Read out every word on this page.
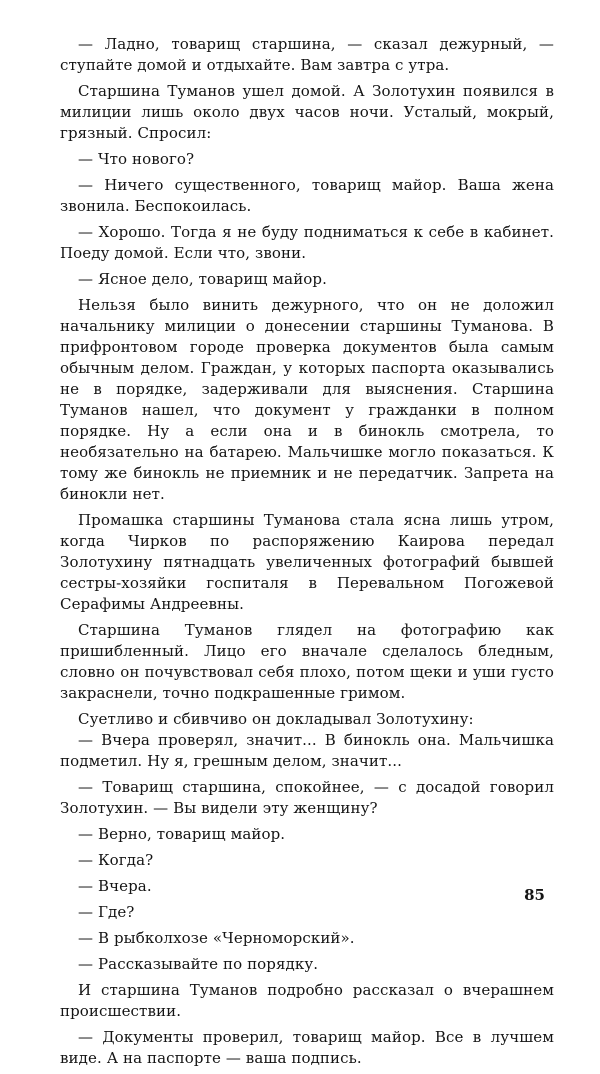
— Ладно, товарищ старшина, — сказал дежурный, — ступайте домой и отдыхайте. Вам завтра с утра.

Старшина Туманов ушел домой. А Золотухин появился в милиции лишь около двух часов ночи. Усталый, мокрый, грязный. Спросил:

— Что нового?

— Ничего существенного, товарищ майор. Ваша жена звонила. Беспокоилась.

— Хорошо. Тогда я не буду подниматься к себе в кабинет. Поеду домой. Если что, звони.

— Ясное дело, товарищ майор.

Нельзя было винить дежурного, что он не доложил начальнику милиции о донесении старшины Туманова. В прифронтовом городе проверка документов была самым обычным делом. Граждан, у которых паспорта оказывались не в порядке, задерживали для выяснения. Старшина Туманов нашел, что документ у гражданки в полном порядке. Ну а если она и в бинокль смотрела, то необязательно на батарею. Мальчишке могло показаться. К тому же бинокль не приемник и не передатчик. Запрета на бинокли нет.

Промашка старшины Туманова стала ясна лишь утром, когда Чирков по распоряжению Каирова передал Золотухину пятнадцать увеличенных фотографий бывшей сестры-хозяйки госпиталя в Перевальном Погожевой Серафимы Андреевны.

Старшина Туманов глядел на фотографию как пришибленный. Лицо его вначале сделалось бледным, словно он почувствовал себя плохо, потом щеки и уши густо закраснели, точно подкрашенные гримом.

Суетливо и сбивчиво он докладывал Золотухину:

— Вчера проверял, значит... В бинокль она. Мальчишка подметил. Ну я, грешным делом, значит...

— Товарищ старшина, спокойнее, — с досадой говорил Золотухин. — Вы видели эту женщину?

— Верно, товарищ майор.

— Когда?

— Вчера.

— Где?

— В рыбколхозе «Черноморский».

— Рассказывайте по порядку.

И старшина Туманов подробно рассказал о вчерашнем происшествии.

— Документы проверил, товарищ майор. Все в лучшем виде. А на паспорте — ваша подпись.

85
